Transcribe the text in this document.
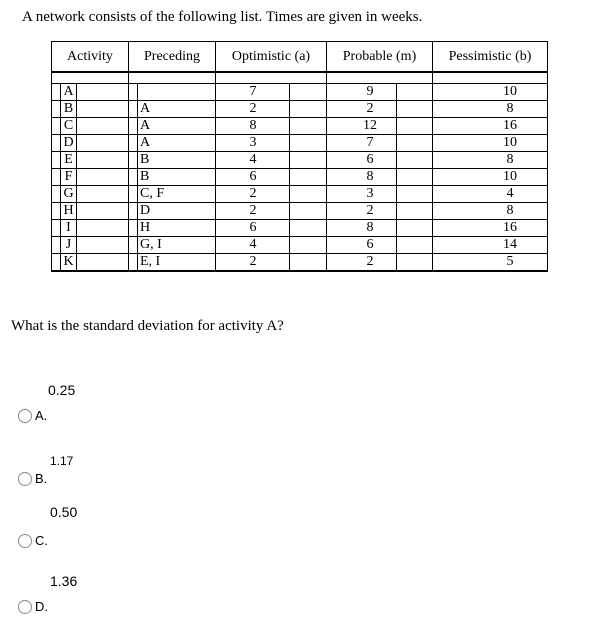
A network consists of the following list. Times are given in weeks.
Activity	Preceding	Optimistic (a)	Probable (m)	Pessimistic (b)

A		7	9	10

B	A	2	2	8

C	A	8	12	16

D	A	3	7	10

E	B	4	6	8

F	B	6	8	10

G	C, F	2	3	4

H	D	2	2	8

I	H	6	8	16

J	G, I	4	6	14

K	E, I	2	2	5
What is the standard deviation for activity A?
0.25
A.
1.17
B.
0.50
C.
1.36
D.
